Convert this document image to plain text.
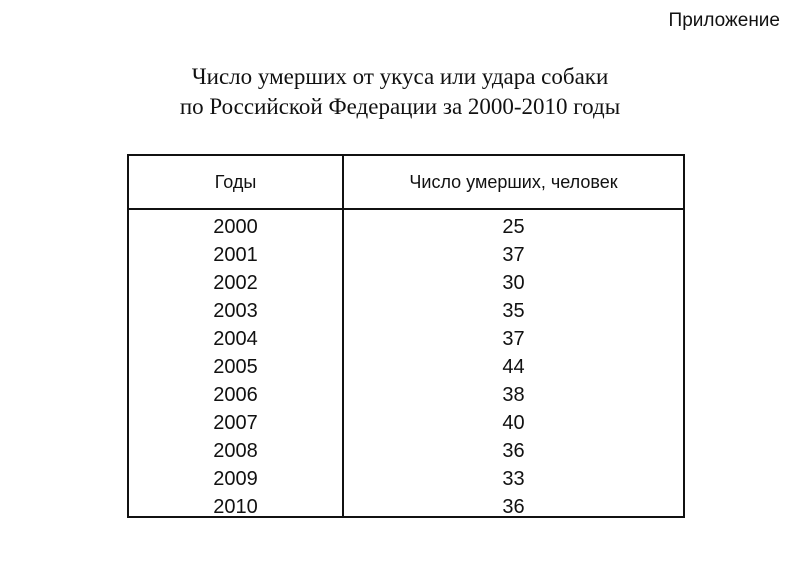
Приложение
Число умерших от укуса или удара собаки
по Российской Федерации за 2000-2010 годы
Годы	Число умерших, человек
2000	25
2001	37
2002	30
2003	35
2004	37
2005	44
2006	38
2007	40
2008	36
2009	33
2010	36
